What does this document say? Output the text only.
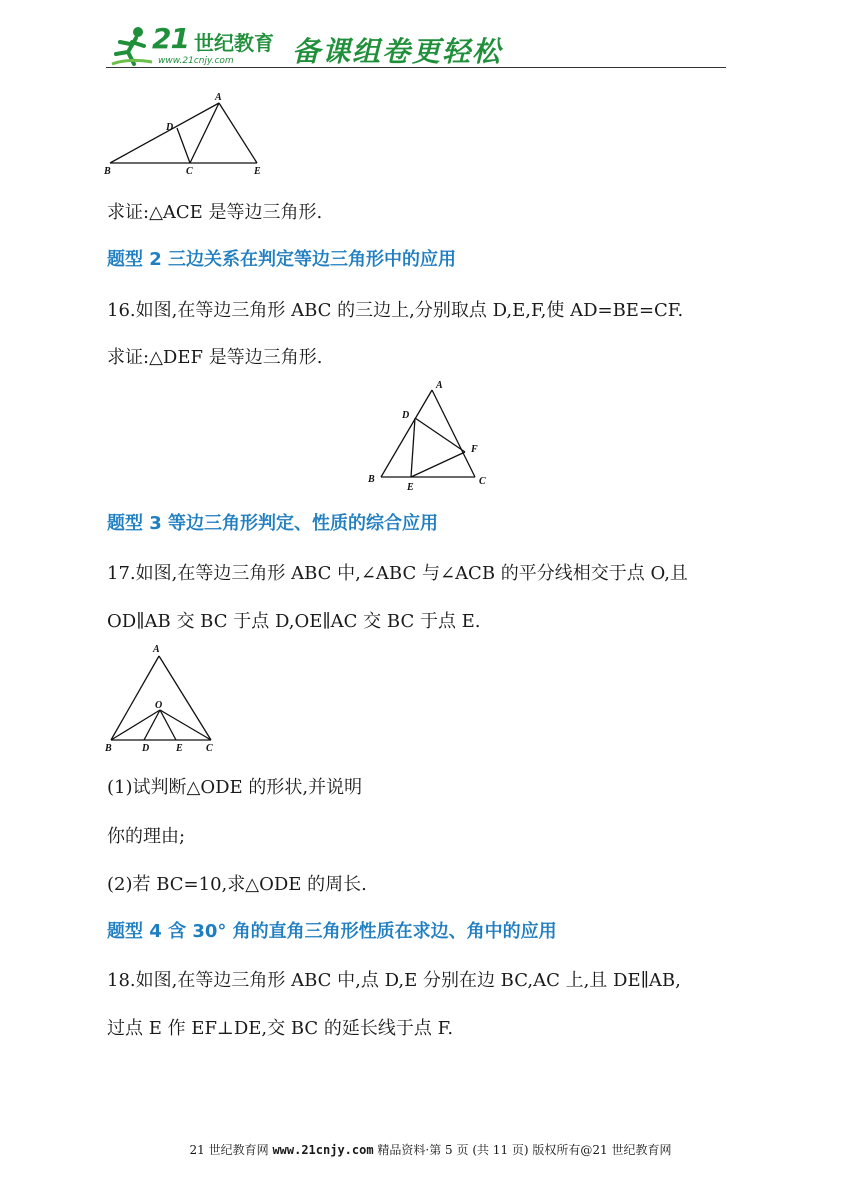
21 世纪教育
www.21cnjy.com 备课组卷更轻松
A
D
B	C	E
求证:△ACE 是等边三角形.
题型 2 三边关系在判定等边三角形中的应用
16.如图,在等边三角形 ABC 的三边上,分别取点 D,E,F,使 AD=BE=CF.
求证:△DEF 是等边三角形.
A
D
F
B
E
C
题型 3 等边三角形判定、性质的综合应用
17.如图,在等边三角形 ABC 中,∠ABC 与∠ACB 的平分线相交于点 O,且
OD∥AB 交 BC 于点 D,OE∥AC 交 BC 于点 E.
A
O
B	D	E C
(1)试判断△ODE 的形状,并说明
你的理由;
(2)若 BC=10,求△ODE 的周长.
题型 4 含 30° 角的直角三角形性质在求边、角中的应用
18.如图,在等边三角形 ABC 中,点 D,E 分别在边 BC,AC 上,且 DE∥AB,
过点 E 作 EF⊥DE,交 BC 的延长线于点 F.
21 世纪教育网 www.21cnjy.com 精品资料·第 5 页 (共 11 页) 版权所有@21 世纪教育网
